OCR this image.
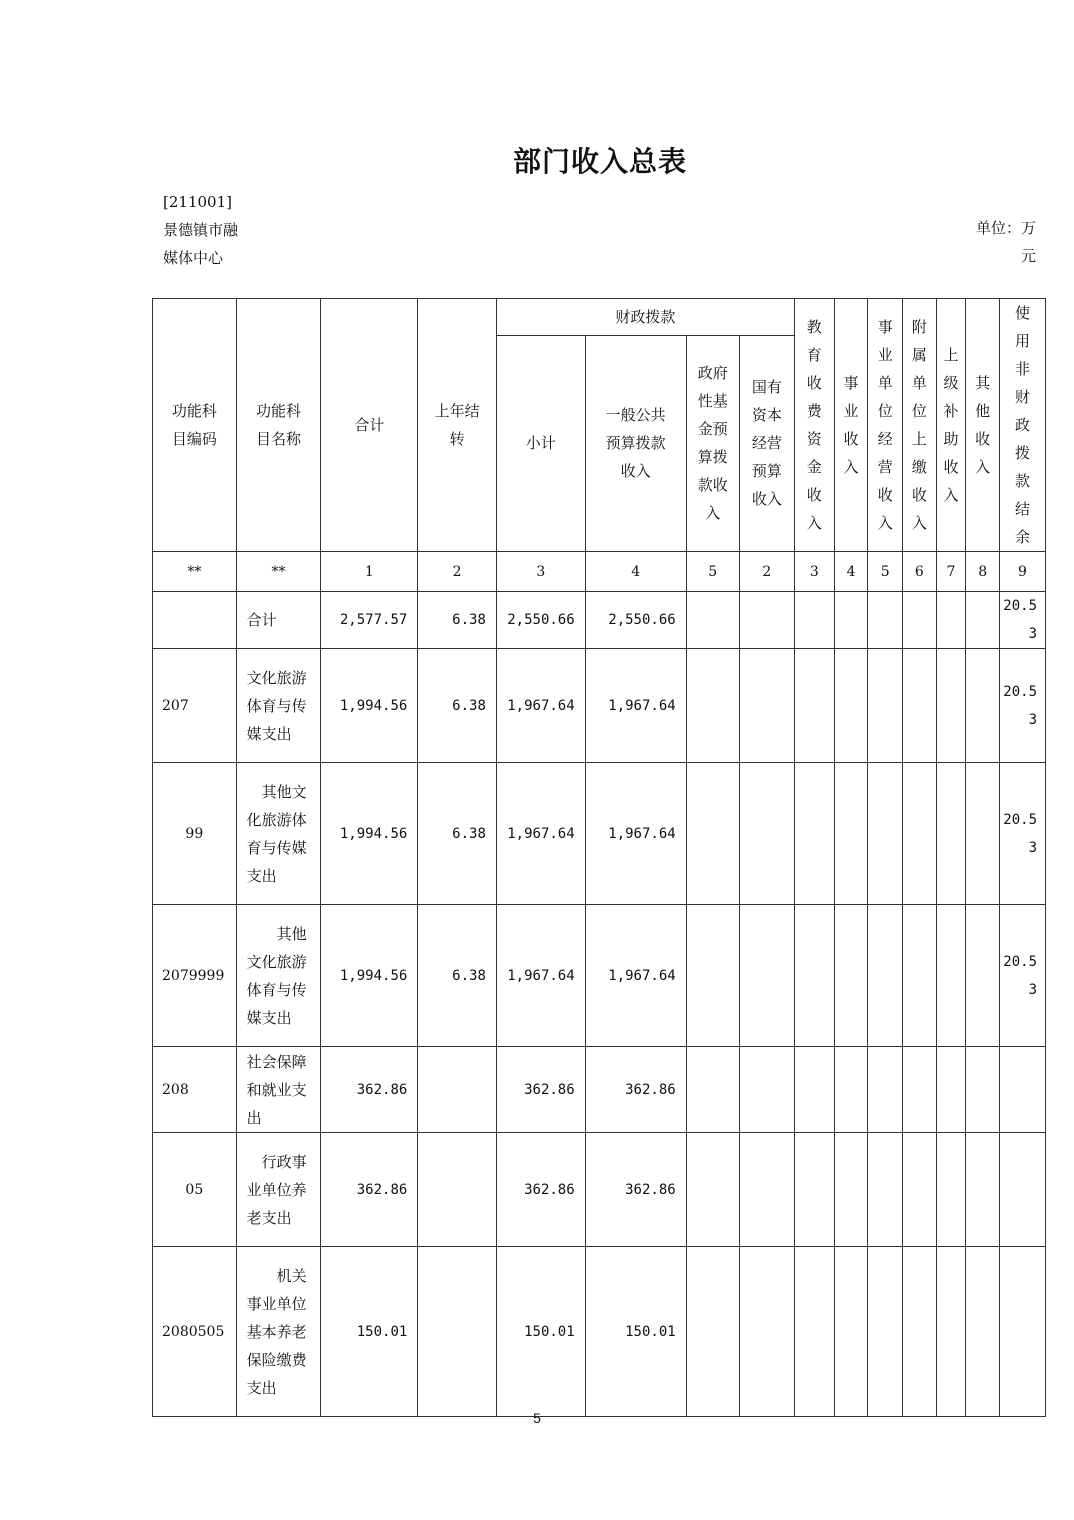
部门收入总表
[211001]景德镇市融媒体中心
单位：万元
功能科目编码	功能科目名称	合计	上年结转	财政拨款				教育收费资金收入	事业收入	事业单位经营收入	附属单位上缴收入	上级补助收入	其他收入	使用非财政拨款结余
				小计	一般公共预算拨款收入	政府性基金预算拨款收入	国有资本经营预算收入							
**	**	1	2	3	4	5	2	3	4	5	6	7	8	9
	合计	2,577.57	6.38	2,550.66	2,550.66									20.53
207	文化旅游体育与传媒支出	1,994.56	6.38	1,967.64	1,967.64									20.53
99	其他文化旅游体育与传媒支出	1,994.56	6.38	1,967.64	1,967.64									20.53
2079999	其他文化旅游体育与传媒支出	1,994.56	6.38	1,967.64	1,967.64									20.53
208	社会保障和就业支出	362.86		362.86	362.86									
05	行政事业单位养老支出	362.86		362.86	362.86									
2080505	机关事业单位基本养老保险缴费支出	150.01		150.01	150.01									
5
